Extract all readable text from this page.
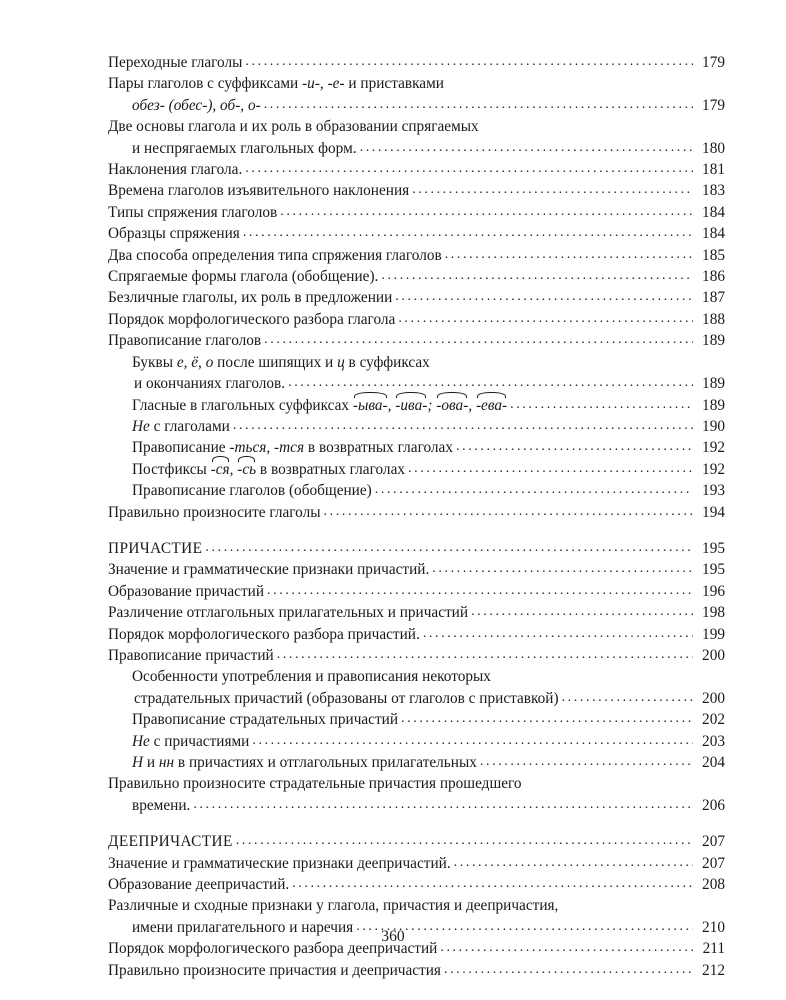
Переходные глаголы .....	179
Пары глаголов с суффиксами -и-, -е- и приставками
обез- (обес-), об-, о- .....	179
Две основы глагола и их роль в образовании спрягаемых
и неспрягаемых глагольных форм. .....	180
Наклонения глагола. .....	181
Времена глаголов изъявительного наклонения .....	183
Типы спряжения глаголов .....	184
Образцы спряжения .....	184
Два способа определения типа спряжения глаголов .....	185
Спрягаемые формы глагола (обобщение). .....	186
Безличные глаголы, их роль в предложении .....	187
Порядок морфологического разбора глагола .....	188
Правописание глаголов .....	189
Буквы е, ё, о после шипящих и ц в суффиксах
и окончаниях глаголов. .....	189
Гласные в глагольных суффиксах -ыва-, -ива-; -ова-, -ева- .....	189
Не с глаголами .....	190
Правописание -ться, -тся в возвратных глаголах .....	192
Постфиксы -ся, -сь в возвратных глаголах .....	192
Правописание глаголов (обобщение) .....	193
Правильно произносите глаголы .....	194
ПРИЧАСТИЕ .....	195
Значение и грамматические признаки причастий. .....	195
Образование причастий .....	196
Различение отглагольных прилагательных и причастий .....	198
Порядок морфологического разбора причастий. .....	199
Правописание причастий .....	200
Особенности употребления и правописания некоторых
страдательных причастий (образованы от глаголов с приставкой) .....	200
Правописание страдательных причастий .....	202
Не с причастиями .....	203
Н и нн в причастиях и отглагольных прилагательных .....	204
Правильно произносите страдательные причастия прошедшего
времени. .....	206
ДЕЕПРИЧАСТИЕ .....	207
Значение и грамматические признаки деепричастий. .....	207
Образование деепричастий. .....	208
Различные и сходные признаки у глагола, причастия и деепричастия,
имени прилагательного и наречия .....	210
Порядок морфологического разбора деепричастий .....	211
Правильно произносите причастия и деепричастия .....	212
360
